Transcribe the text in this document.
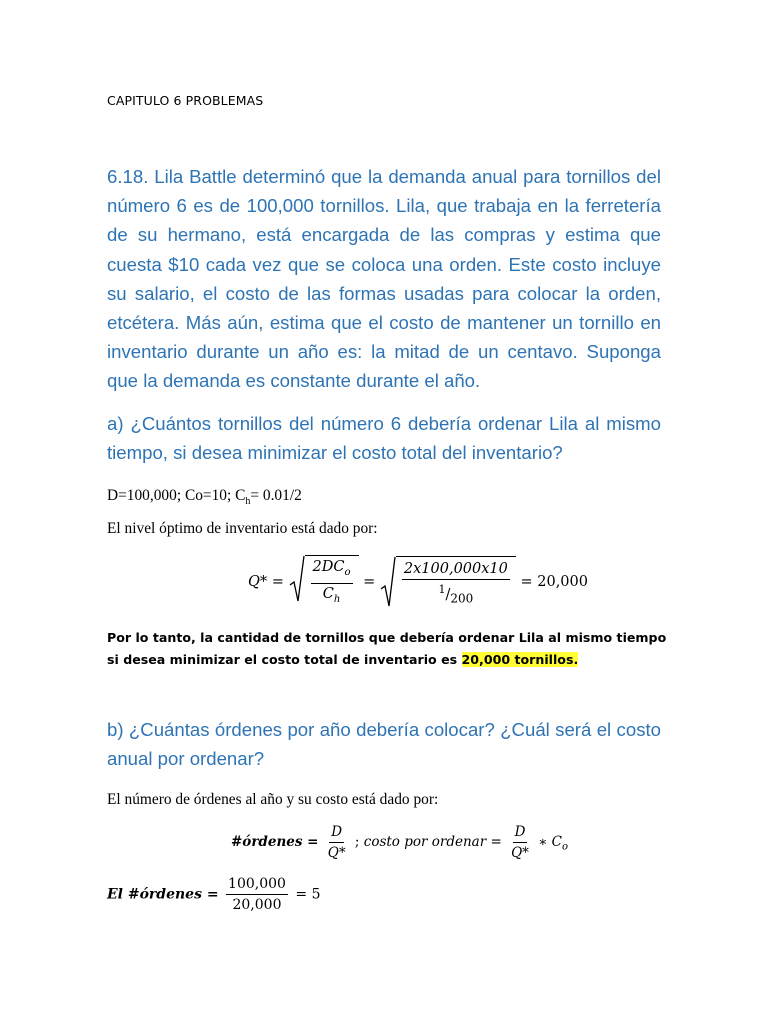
CAPITULO 6 PROBLEMAS
6.18. Lila Battle determinó que la demanda anual para tornillos del número 6 es de 100,000 tornillos. Lila, que trabaja en la ferretería de su hermano, está encargada de las compras y estima que cuesta $10 cada vez que se coloca una orden. Este costo incluye su salario, el costo de las formas usadas para colocar la orden, etcétera. Más aún, estima que el costo de mantener un tornillo en inventario durante un año es: la mitad de un centavo. Suponga que la demanda es constante durante el año.
a) ¿Cuántos tornillos del número 6 debería ordenar Lila al mismo tiempo, si desea minimizar el costo total del inventario?
D=100,000; Co=10; $C_h= 0.01/2$
El nivel óptimo de inventario está dado por:
$Q* = \frac{2DC_o}{C_h} = \frac{2x100,000x10}{^1/_{200}} = 20,000$
Por lo tanto, la cantidad de tornillos que debería ordenar Lila al mismo tiempo si desea minimizar el costo total de inventario es 20,000 tornillos.
b) ¿Cuántas órdenes por año debería colocar? ¿Cuál será el costo anual por ordenar?
El número de órdenes al año y su costo está dado por:
#órdenes = $\frac{D}{Q*}$ ; costo por ordenar = $\frac{D}{Q*}$ ∗ $C_o$
El #órdenes = $\frac{100,000}{20,000} = 5$
